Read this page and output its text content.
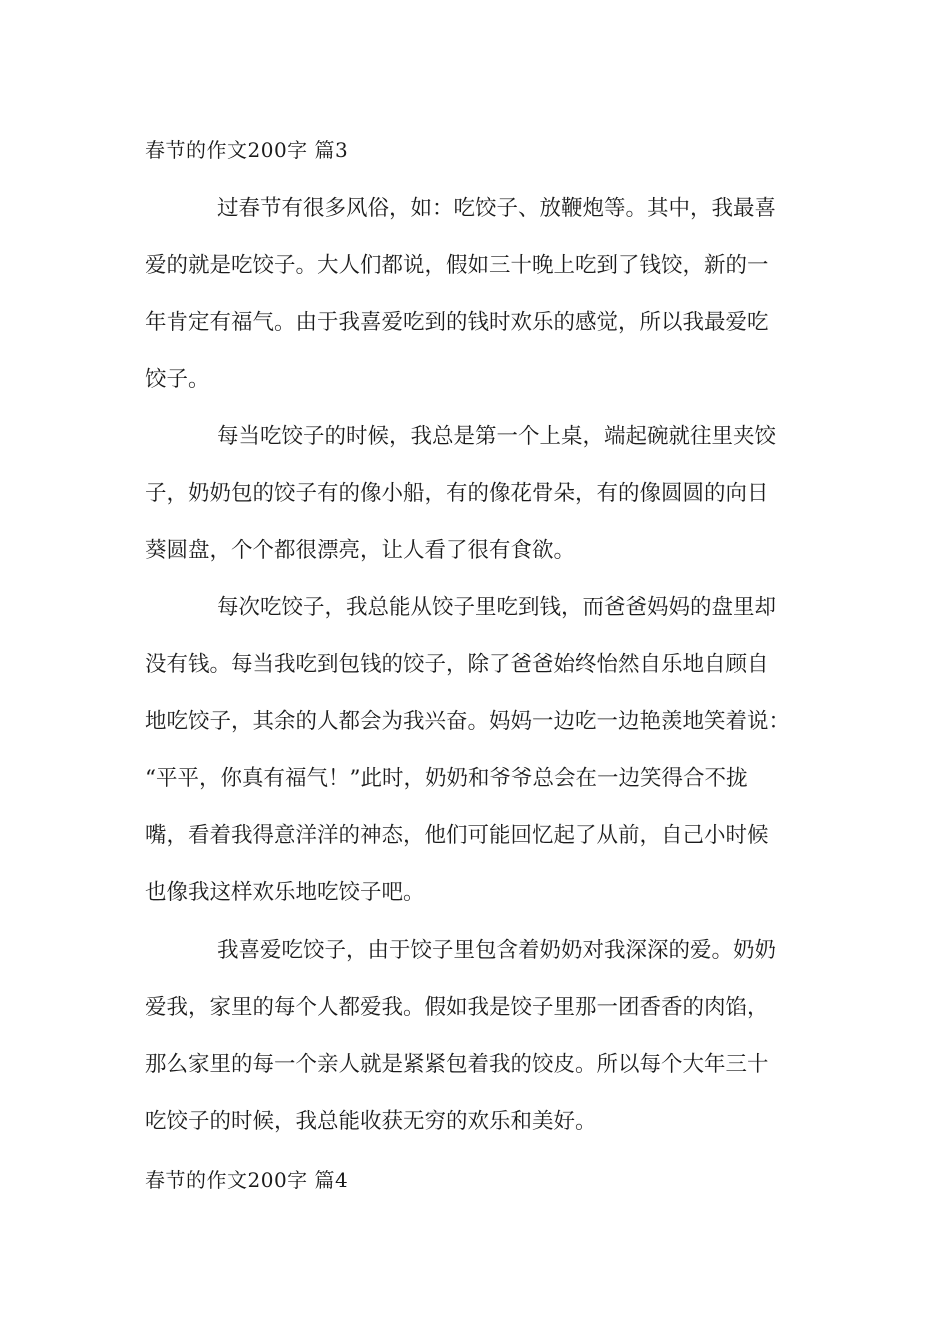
春节的作文200字 篇3
过春节有很多风俗，如：吃饺子、放鞭炮等。其中，我最喜
爱的就是吃饺子。大人们都说，假如三十晚上吃到了钱饺，新的一
年肯定有福气。由于我喜爱吃到的钱时欢乐的感觉，所以我最爱吃
饺子。
每当吃饺子的时候，我总是第一个上桌，端起碗就往里夹饺
子，奶奶包的饺子有的像小船，有的像花骨朵，有的像圆圆的向日
葵圆盘，个个都很漂亮，让人看了很有食欲。
每次吃饺子，我总能从饺子里吃到钱，而爸爸妈妈的盘里却
没有钱。每当我吃到包钱的饺子，除了爸爸始终怡然自乐地自顾自
地吃饺子，其余的人都会为我兴奋。妈妈一边吃一边艳羡地笑着说：
“平平，你真有福气！”此时，奶奶和爷爷总会在一边笑得合不拢
嘴，看着我得意洋洋的神态，他们可能回忆起了从前，自己小时候
也像我这样欢乐地吃饺子吧。
我喜爱吃饺子，由于饺子里包含着奶奶对我深深的爱。奶奶
爱我，家里的每个人都爱我。假如我是饺子里那一团香香的肉馅，
那么家里的每一个亲人就是紧紧包着我的饺皮。所以每个大年三十
吃饺子的时候，我总能收获无穷的欢乐和美好。
春节的作文200字 篇4
